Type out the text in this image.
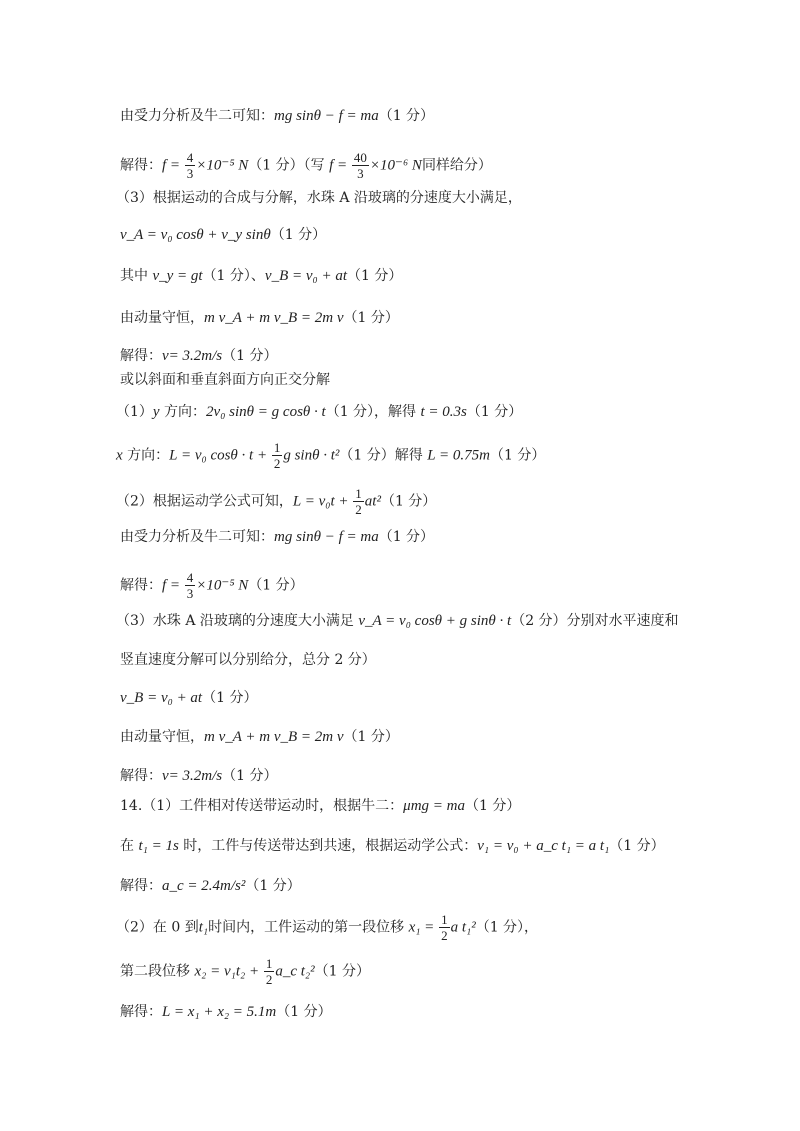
由受力分析及牛二可知：mg sinθ − f = ma（1 分）
解得：$f = \frac{4}{3} \times 10^{-5}$ N（1 分）（写 $f = \frac{40}{3} \times 10^{-6}$ N同样给分）
（3）根据运动的合成与分解，水珠 A 沿玻璃的分速度大小满足，
v_A = v₀ cosθ + v_y sinθ（1 分）
其中 v_y = gt（1 分）、v_B = v₀ + at（1 分）
由动量守恒，m v_A + m v_B = 2m v（1 分）
解得：v= 3.2m/s（1 分）
或以斜面和垂直斜面方向正交分解
（1）y 方向：2v₀ sinθ = g cosθ · t（1 分），解得 t = 0.3s（1 分）
x 方向：L = v₀ $\cos\theta \cdot t + \frac{1}{2}$ g sinθ · t²（1 分）解得 L = 0.75m（1 分）
（2）根据运动学公式可知，$L = v_0t + \frac{1}{2} at^2(1$ 分）
由受力分析及牛二可知：mg sinθ − f = ma（1 分）
解得：$f = \frac{4}{3} \times 10^{-5}$ N（1 分）
（3）水珠 A 沿玻璃的分速度大小满足 v_A = v₀ cosθ + g sinθ · t（2 分）分别对水平速度和
竖直速度分解可以分别给分，总分 2 分）
v_B = v₀ + at（1 分）
由动量守恒，m v_A + m v_B = 2m v（1 分）
解得：v= 3.2m/s（1 分）
14.（1）工件相对传送带运动时，根据牛二：μmg = ma（1 分）
在 t₁ = 1s 时，工件与传送带达到共速，根据运动学公式：v₁ = v₀ + a_c t₁ = a t₁（1 分）
解得：a_c = 2.4m/s²（1 分）
（2）在 0 到t₁时间内，工件运动的第一段位移 $x_1 = \frac{1}{2}$ a t₁²（1 分），
第二段位移 $x_2 = v_1t_2 + \frac{1}{2}$ a_c t₂²（1 分）
解得：L = x₁ + x₂ = 5.1m（1 分）
